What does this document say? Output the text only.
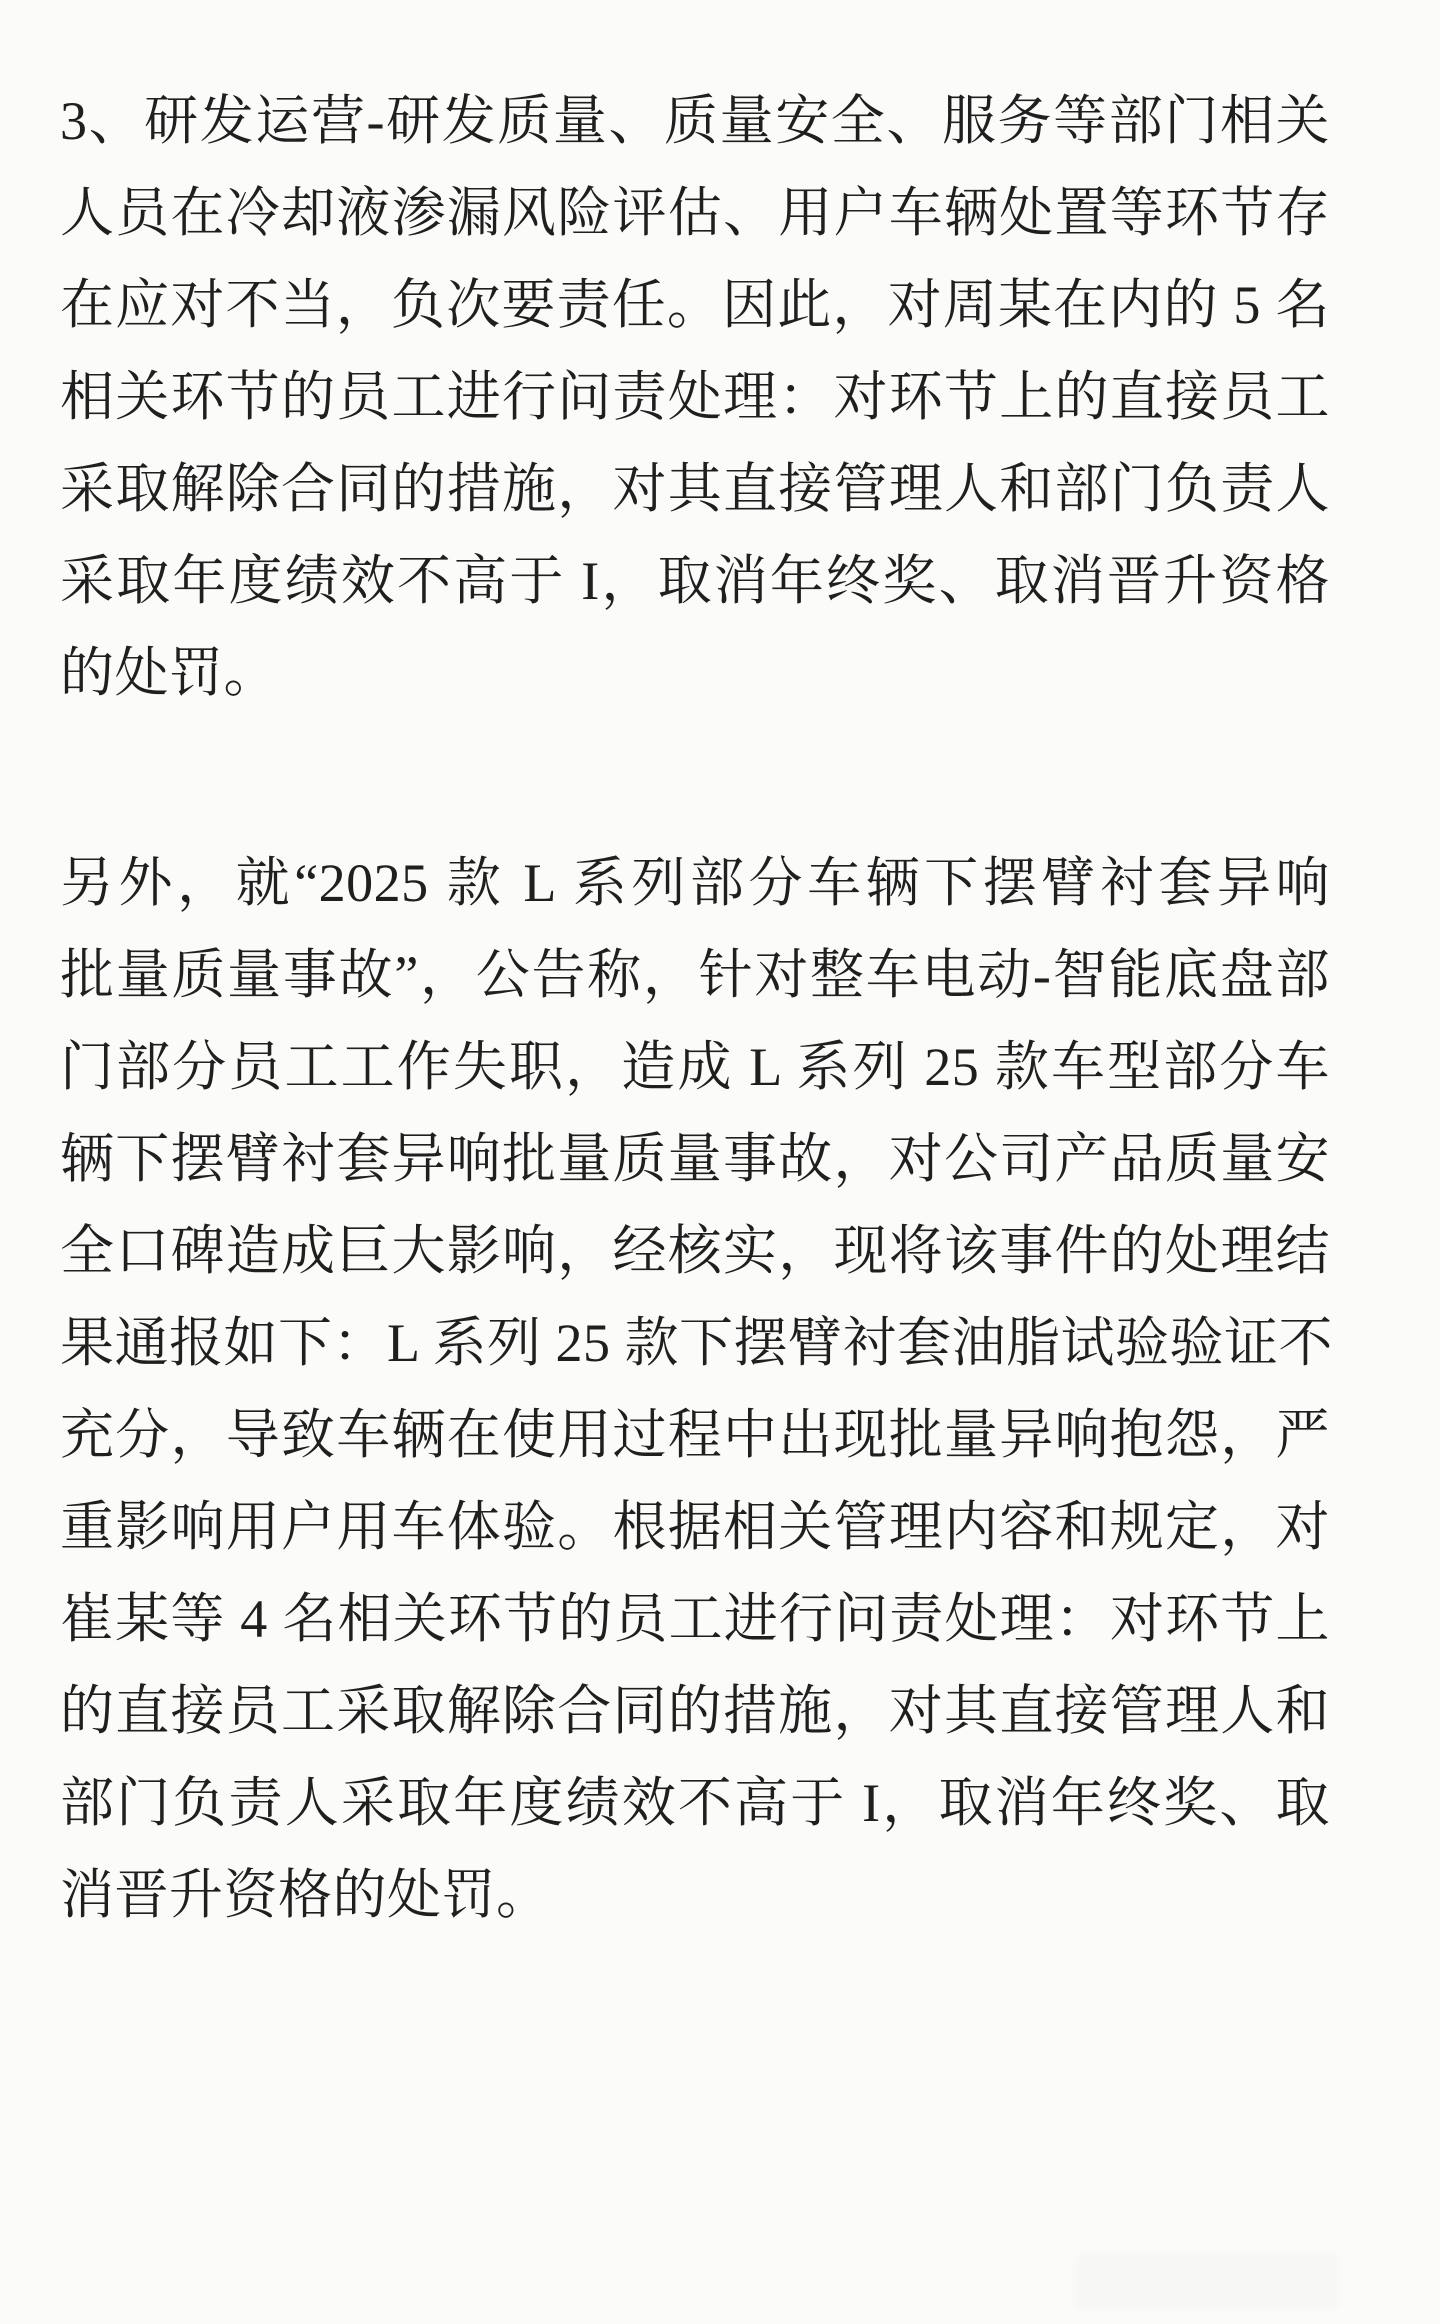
3、研发运营-研发质量、质量安全、服务等部门相关
人员在冷却液渗漏风险评估、用户车辆处置等环节存
在应对不当，负次要责任。因此，对周某在内的 5 名
相关环节的员工进行问责处理：对环节上的直接员工
采取解除合同的措施，对其直接管理人和部门负责人
采取年度绩效不高于 I，取消年终奖、取消晋升资格
的处罚。
另外，就“2025 款 L 系列部分车辆下摆臂衬套异响
批量质量事故”，公告称，针对整车电动-智能底盘部
门部分员工工作失职，造成 L 系列 25 款车型部分车
辆下摆臂衬套异响批量质量事故，对公司产品质量安
全口碑造成巨大影响，经核实，现将该事件的处理结
果通报如下：L 系列 25 款下摆臂衬套油脂试验验证不
充分，导致车辆在使用过程中出现批量异响抱怨，严
重影响用户用车体验。根据相关管理内容和规定，对
崔某等 4 名相关环节的员工进行问责处理：对环节上
的直接员工采取解除合同的措施，对其直接管理人和
部门负责人采取年度绩效不高于 I，取消年终奖、取
消晋升资格的处罚。
